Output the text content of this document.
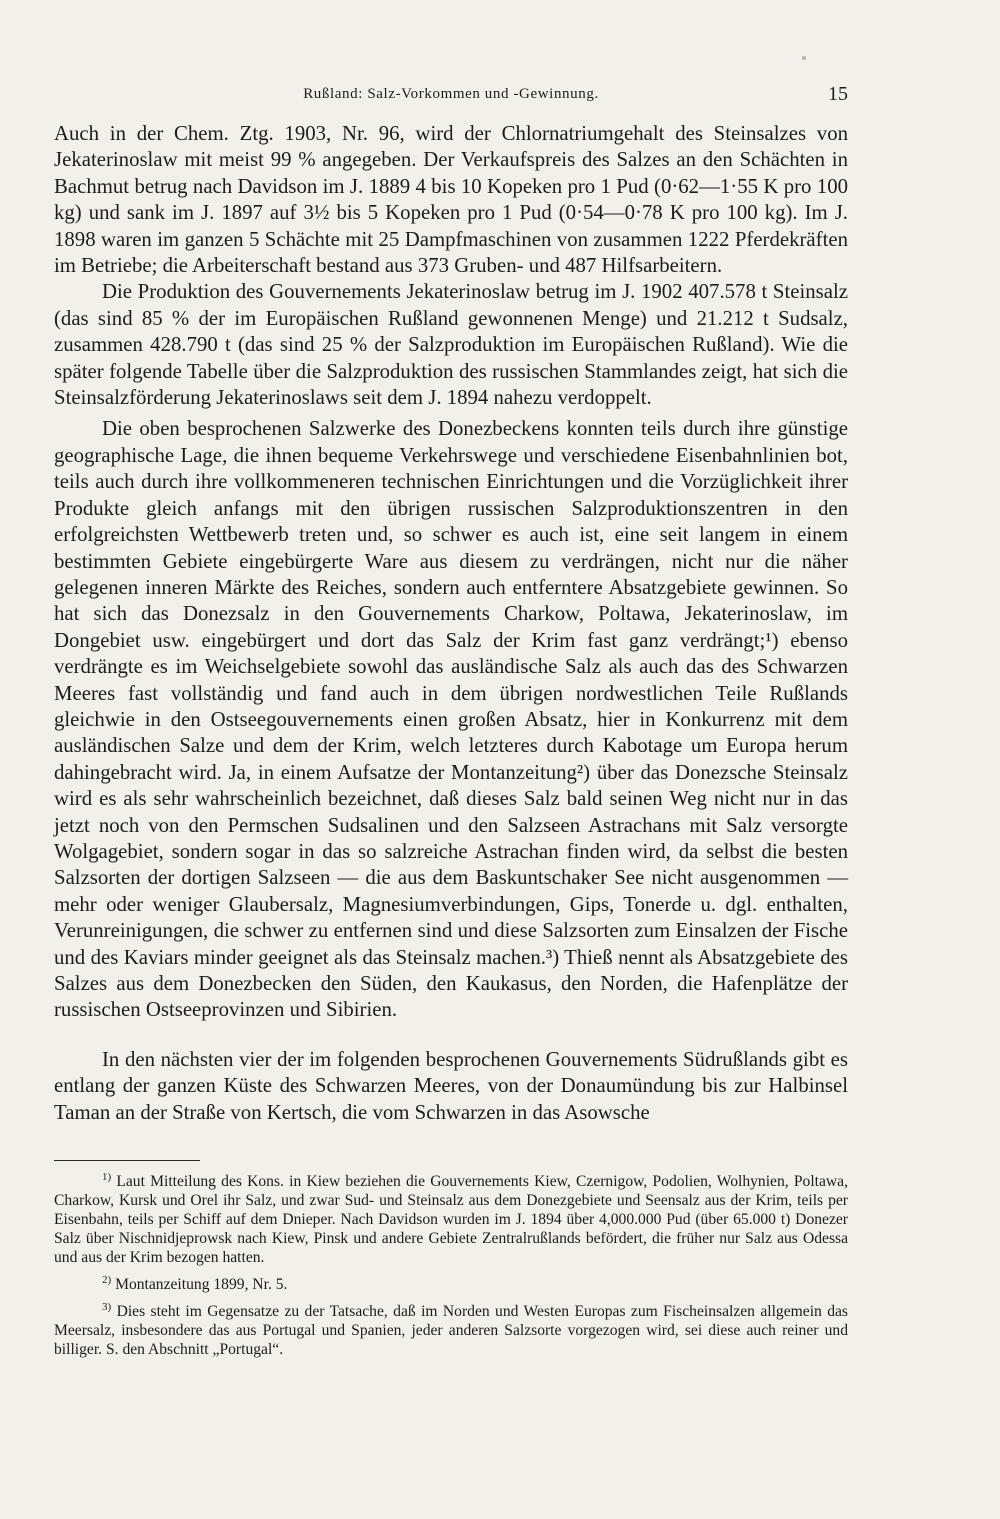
Rußland: Salz-Vorkommen und -Gewinnung.	15

Auch in der Chem. Ztg. 1903, Nr. 96, wird der Chlornatriumgehalt des Steinsalzes von Jekaterinoslaw mit meist 99 % angegeben. Der Verkaufspreis des Salzes an den Schächten in Bachmut betrug nach Davidson im J. 1889 4 bis 10 Kopeken pro 1 Pud (0·62—1·55 K pro 100 kg) und sank im J. 1897 auf 3½ bis 5 Kopeken pro 1 Pud (0·54—0·78 K pro 100 kg). Im J. 1898 waren im ganzen 5 Schächte mit 25 Dampfmaschinen von zusammen 1222 Pferdekräften im Betriebe; die Arbeiterschaft bestand aus 373 Gruben- und 487 Hilfsarbeitern.

Die Produktion des Gouvernements Jekaterinoslaw betrug im J. 1902 407.578 t Steinsalz (das sind 85 % der im Europäischen Rußland gewonnenen Menge) und 21.212 t Sudsalz, zusammen 428.790 t (das sind 25 % der Salzproduktion im Europäischen Rußland). Wie die später folgende Tabelle über die Salzproduktion des russischen Stammlandes zeigt, hat sich die Steinsalzförderung Jekaterinoslaws seit dem J. 1894 nahezu verdoppelt.

Die oben besprochenen Salzwerke des Donezbeckens konnten teils durch ihre günstige geographische Lage, die ihnen bequeme Verkehrswege und verschiedene Eisenbahnlinien bot, teils auch durch ihre vollkommeneren technischen Einrichtungen und die Vorzüglichkeit ihrer Produkte gleich anfangs mit den übrigen russischen Salzproduktionszentren in den erfolgreichsten Wettbewerb treten und, so schwer es auch ist, eine seit langem in einem bestimmten Gebiete eingebürgerte Ware aus diesem zu verdrängen, nicht nur die näher gelegenen inneren Märkte des Reiches, sondern auch entferntere Absatzgebiete gewinnen. So hat sich das Donezsalz in den Gouvernements Charkow, Poltawa, Jekaterinoslaw, im Dongebiet usw. eingebürgert und dort das Salz der Krim fast ganz verdrängt;¹) ebenso verdrängte es im Weichselgebiete sowohl das ausländische Salz als auch das des Schwarzen Meeres fast vollständig und fand auch in dem übrigen nordwestlichen Teile Rußlands gleichwie in den Ostseegouvernements einen großen Absatz, hier in Konkurrenz mit dem ausländischen Salze und dem der Krim, welch letzteres durch Kabotage um Europa herum dahingebracht wird. Ja, in einem Aufsatze der Montanzeitung²) über das Donezsche Steinsalz wird es als sehr wahrscheinlich bezeichnet, daß dieses Salz bald seinen Weg nicht nur in das jetzt noch von den Permschen Sudsalinen und den Salzseen Astrachans mit Salz versorgte Wolgagebiet, sondern sogar in das so salzreiche Astrachan finden wird, da selbst die besten Salzsorten der dortigen Salzseen — die aus dem Baskuntschaker See nicht ausgenommen — mehr oder weniger Glaubersalz, Magnesiumverbindungen, Gips, Tonerde u. dgl. enthalten, Verunreinigungen, die schwer zu entfernen sind und diese Salzsorten zum Einsalzen der Fische und des Kaviars minder geeignet als das Steinsalz machen.³) Thieß nennt als Absatzgebiete des Salzes aus dem Donezbecken den Süden, den Kaukasus, den Norden, die Hafenplätze der russischen Ostseeprovinzen und Sibirien.

In den nächsten vier der im folgenden besprochenen Gouvernements Südrußlands gibt es entlang der ganzen Küste des Schwarzen Meeres, von der Donaumündung bis zur Halbinsel Taman an der Straße von Kertsch, die vom Schwarzen in das Asowsche

$^{1)}$ Laut Mitteilung des Kons. in Kiew beziehen die Gouvernements Kiew, Czernigow, Podolien, Wolhynien, Poltawa, Charkow, Kursk und Orel ihr Salz, und zwar Sud- und Steinsalz aus dem Donezgebiete und Seensalz aus der Krim, teils per Eisenbahn, teils per Schiff auf dem Dnieper. Nach Davidson wurden im J. 1894 über 4,000.000 Pud (über 65.000 t) Donezer Salz über Nischnidjeprowsk nach Kiew, Pinsk und andere Gebiete Zentralrußlands befördert, die früher nur Salz aus Odessa und aus der Krim bezogen hatten.

$^{2)}$ Montanzeitung 1899, Nr. 5.

$^{3)}$ Dies steht im Gegensatze zu der Tatsache, daß im Norden und Westen Europas zum Fischeinsalzen allgemein das Meersalz, insbesondere das aus Portugal und Spanien, jeder anderen Salzsorte vorgezogen wird, sei diese auch reiner und billiger. S. den Abschnitt „Portugal“.
